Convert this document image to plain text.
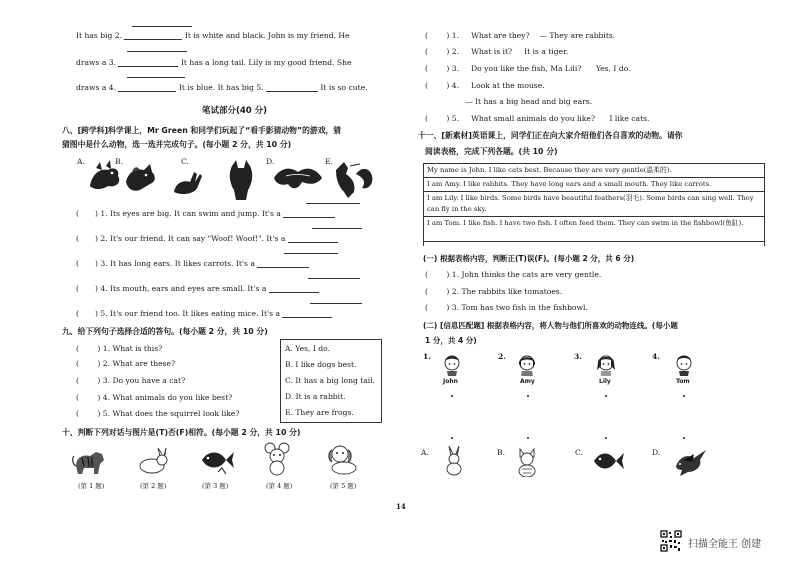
It has big 2.	It is white and black. John is my friend. He
draws a 3.	It has a long tail. Lily is my good friend. She
draws a 4.	It is blue. It has big 5.	It is so cute.
笔试部分(40 分)
八、[跨学科]科学课上，Mr Green 和同学们玩起了“看手影猜动物”的游戏，猜
猜图中是什么动物，选一选并完成句子。(每小题 2 分，共 10 分)
A.	B.	C.	D.	E.
( ) 1. Its eyes are big. It can swim and jump. It's a
( ) 2. It's our friend. It can say "Woof! Woof!". It's a
( ) 3. It has long ears. It likes carrots. It's a
( ) 4. Its mouth, ears and eyes are small. It's a
( ) 5. It's our friend too. It likes eating mice. It's a
九、给下列句子选择合适的答句。(每小题 2 分，共 10 分)
( ) 1. What is this?
( ) 2. What are these?
( ) 3. Do you have a cat?
( ) 4. What animals do you like best?
( ) 5. What does the squirrel look like?
A. Yes, I do.
B. I like dogs best.
C. It has a big long tail.
D. It is a rabbit.
E. They are frogs.
十、判断下列对话与图片是(T)否(F)相符。(每小题 2 分，共 10 分)
(第 1 题)	(第 2 题)	(第 3 题)	(第 4 题)	(第 5 题)
14
( ) 1. What are they? — They are rabbits.
( ) 2. What is it? It is a tiger.
( ) 3. Do you like the fish, Ma Lili? Yes, I do.
( ) 4. Look at the mouse.
— It has a big head and big ears.
( ) 5. What small animals do you like? I like cats.
十一、[新素材]英语课上，同学们正在向大家介绍他们各自喜欢的动物。请你
阅读表格，完成下列各题。(共 10 分)
My name is John. I like cats best. Because they are very gentle(温柔的).
I am Amy. I like rabbits. They have long ears and a small mouth. They like carrots.
I am Lily. I like birds. Some birds have beautiful feathers(羽毛). Some birds can sing well. They can fly in the sky.
I am Tom. I like fish. I have two fish. I often feed them. They can swim in the fishbowl(鱼缸).
(一) 根据表格内容，判断正(T)误(F)。(每小题 2 分，共 6 分)
( ) 1. John thinks the cats are very gentle.
( ) 2. The rabbits like tomatoes.
( ) 3. Tom has two fish in the fishbowl.
(二) [信息匹配题] 根据表格内容，将人物与他们所喜欢的动物连线。(每小题
1 分，共 4 分)
1.
John
2.
Amy
3.
Lily
4.
Tom
A.	B.	C.	D.
扫描全能王 创建
